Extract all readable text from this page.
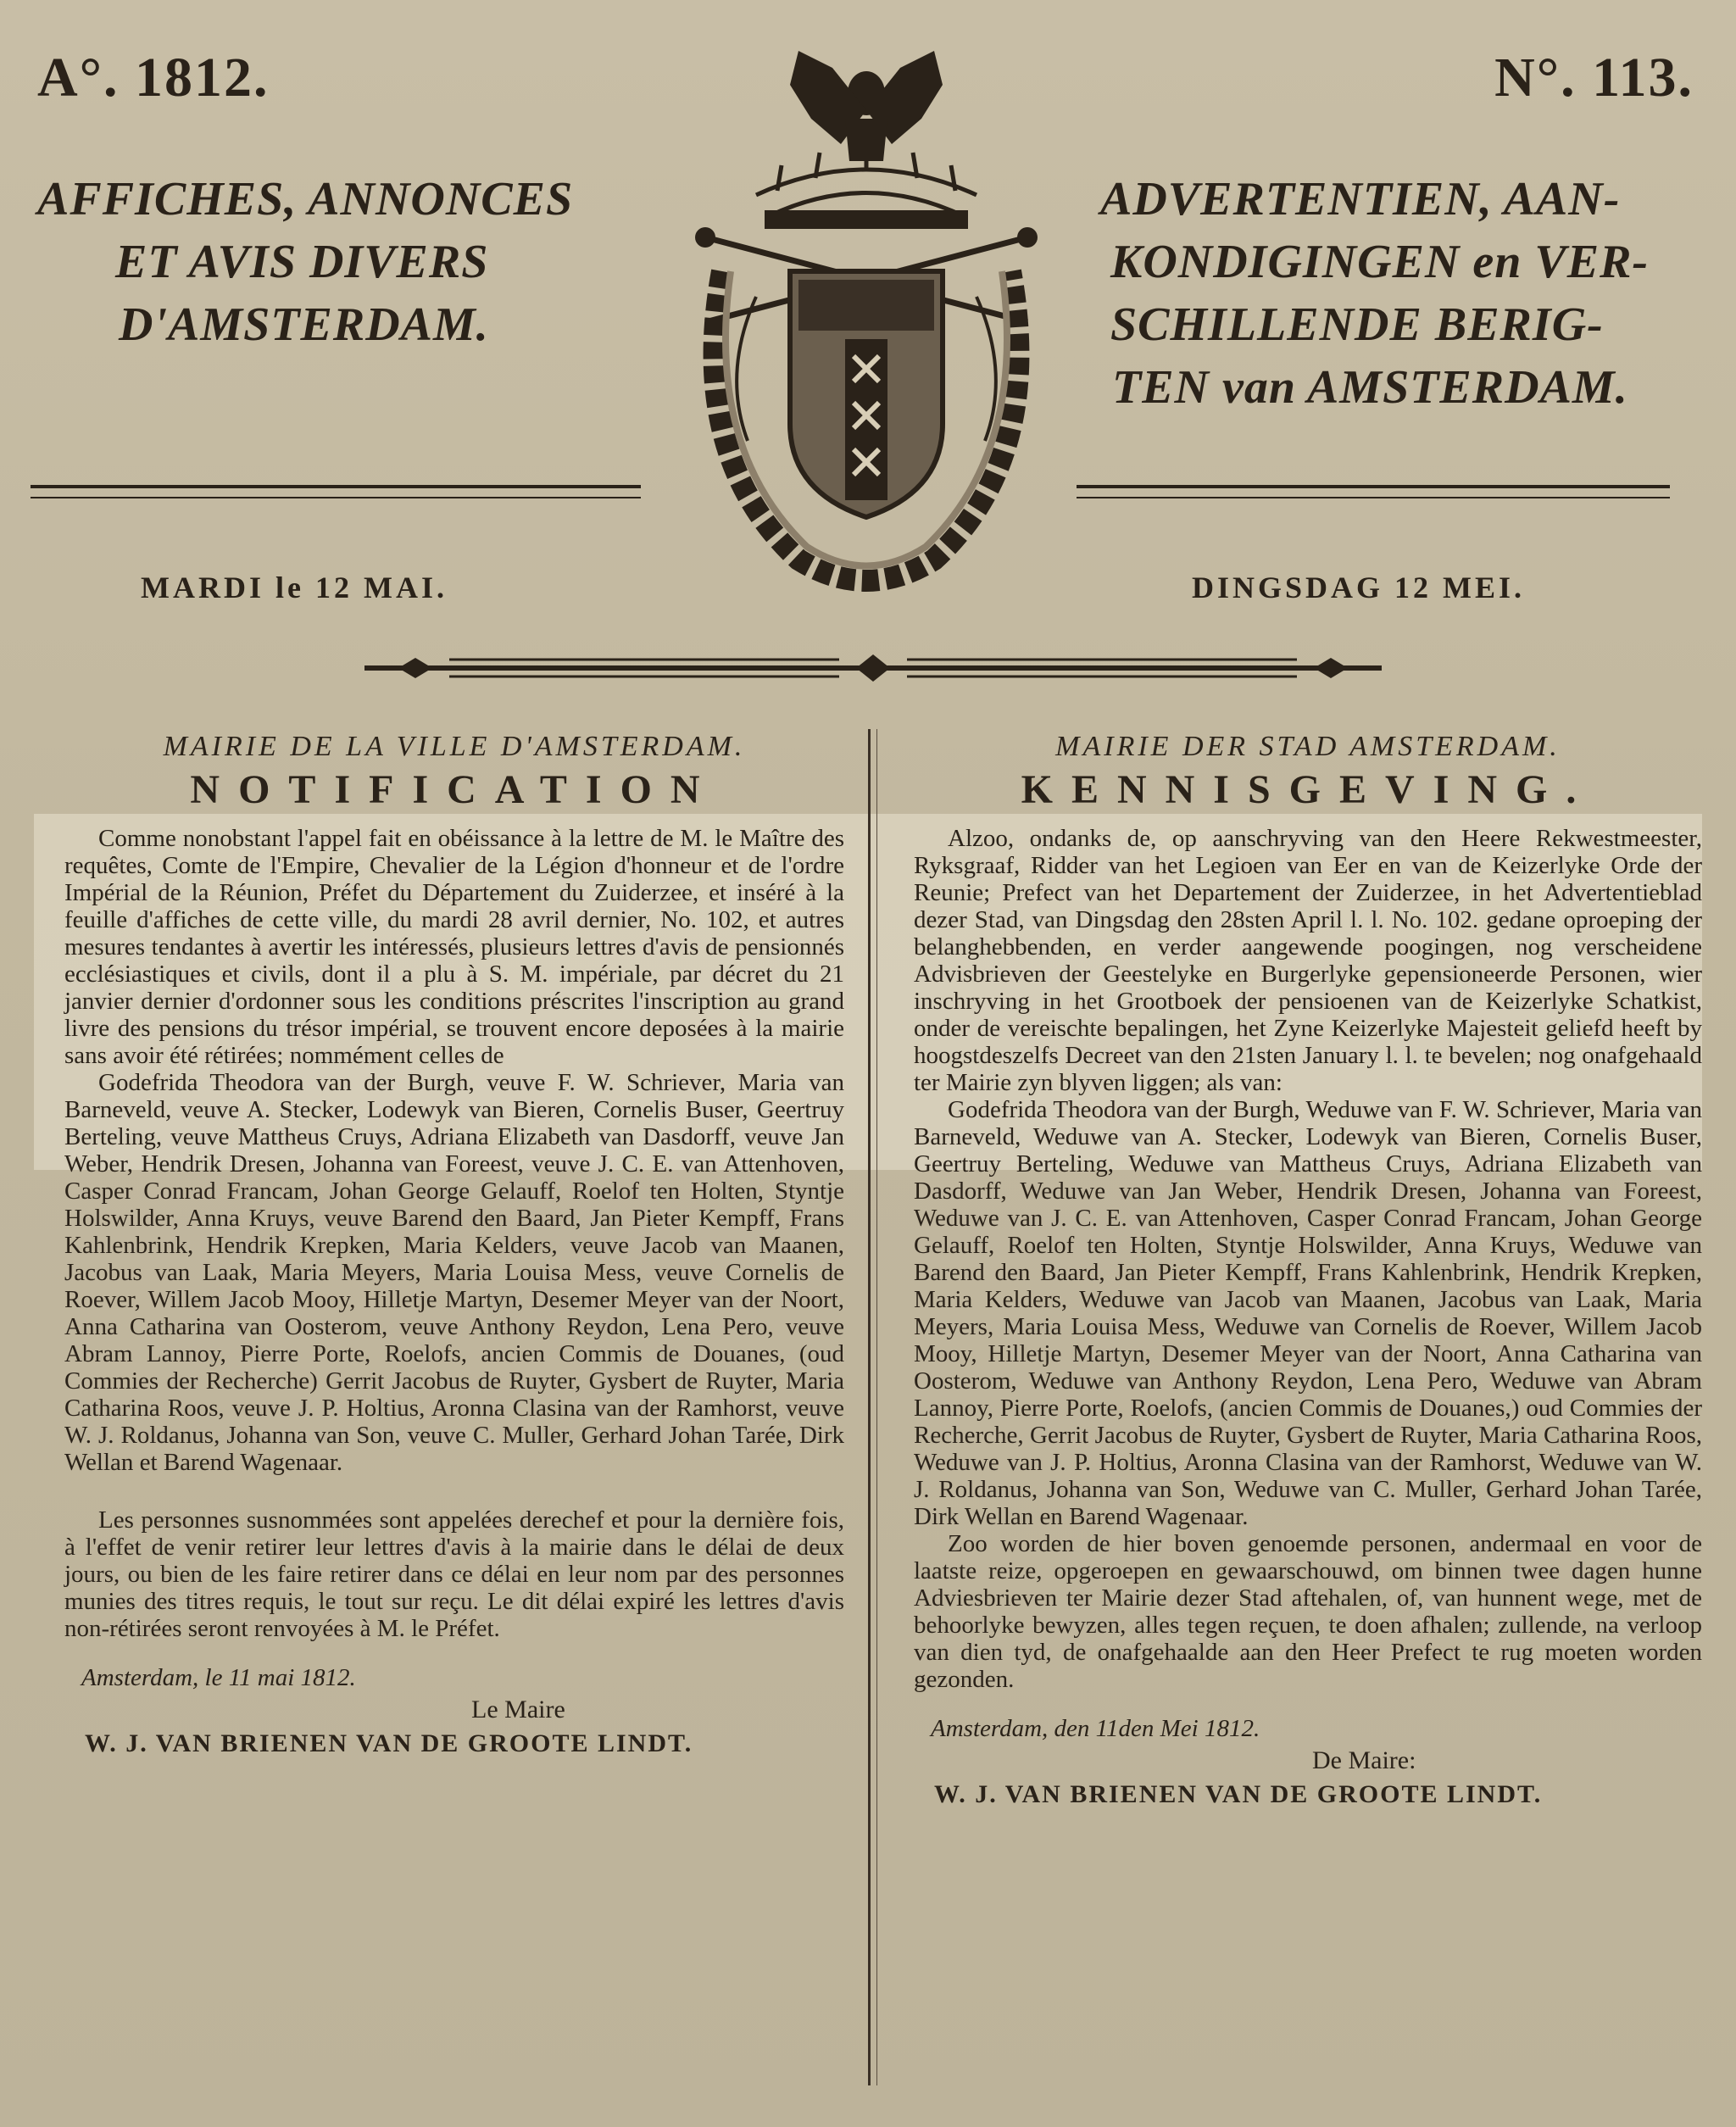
A°. 1812.	N°. 113.
AFFICHES, ANNONCES
ET AVIS DIVERS
D'AMSTERDAM.
ADVERTENTIEN, AAN-
KONDIGINGEN en VER-
SCHILLENDE BERIG-
TEN van AMSTERDAM.
MARDI le 12 MAI.	DINGSDAG 12 MEI.
MAIRIE DE LA VILLE D'AMSTERDAM.
NOTIFICATION

Comme nonobstant l'appel fait en obéissance à la lettre de M. le Maître des requêtes, Comte de l'Empire, Chevalier de la Légion d'honneur et de l'ordre Impérial de la Réunion, Préfet du Département du Zuiderzee, et inséré à la feuille d'affiches de cette ville, du mardi 28 avril dernier, No. 102, et autres mesures tendantes à avertir les intéressés, plusieurs lettres d'avis de pensionnés ecclésiastiques et civils, dont il a plu à S. M. impériale, par décret du 21 janvier dernier d'ordonner sous les conditions préscrites l'inscription au grand livre des pensions du trésor impérial, se trouvent encore deposées à la mairie sans avoir été rétirées; nommément celles de

Godefrida Theodora van der Burgh, veuve F. W. Schriever, Maria van Barneveld, veuve A. Stecker, Lodewyk van Bieren, Cornelis Buser, Geertruy Berteling, veuve Mattheus Cruys, Adriana Elizabeth van Dasdorff, veuve Jan Weber, Hendrik Dresen, Johanna van Foreest, veuve J. C. E. van Attenhoven, Casper Conrad Francam, Johan George Gelauff, Roelof ten Holten, Styntje Holswilder, Anna Kruys, veuve Barend den Baard, Jan Pieter Kempff, Frans Kahlenbrink, Hendrik Krepken, Maria Kelders, veuve Jacob van Maanen, Jacobus van Laak, Maria Meyers, Maria Louisa Mess, veuve Cornelis de Roever, Willem Jacob Mooy, Hilletje Martyn, Desemer Meyer van der Noort, Anna Catharina van Oosterom, veuve Anthony Reydon, Lena Pero, veuve Abram Lannoy, Pierre Porte, Roelofs, ancien Commis de Douanes, (oud Commies der Recherche) Gerrit Jacobus de Ruyter, Gysbert de Ruyter, Maria Catharina Roos, veuve J. P. Holtius, Aronna Clasina van der Ramhorst, veuve W. J. Roldanus, Johanna van Son, veuve C. Muller, Gerhard Johan Tarée, Dirk Wellan et Barend Wagenaar.

Les personnes susnommées sont appelées derechef et pour la dernière fois, à l'effet de venir retirer leur lettres d'avis à la mairie dans le délai de deux jours, ou bien de les faire retirer dans ce délai en leur nom par des personnes munies des titres requis, le tout sur reçu. Le dit délai expiré les lettres d'avis non-rétirées seront renvoyées à M. le Préfet.

Amsterdam, le 11 mai 1812.
Le Maire
W. J. VAN BRIENEN VAN DE GROOTE LINDT.
MAIRIE DER STAD AMSTERDAM.
KENNISGEVING.

Alzoo, ondanks de, op aanschryving van den Heere Rekwestmeester, Ryksgraaf, Ridder van het Legioen van Eer en van de Keizerlyke Orde der Reunie; Prefect van het Departement der Zuiderzee, in het Advertentieblad dezer Stad, van Dingsdag den 28sten April l. l. No. 102. gedane oproeping der belanghebbenden, en verder aangewende poogingen, nog verscheidene Advisbrieven der Geestelyke en Burgerlyke gepensioneerde Personen, wier inschryving in het Grootboek der pensioenen van de Keizerlyke Schatkist, onder de vereischte bepalingen, het Zyne Keizerlyke Majesteit geliefd heeft by hoogstdeszelfs Decreet van den 21sten January l. l. te bevelen; nog onafgehaald ter Mairie zyn blyven liggen; als van:

Godefrida Theodora van der Burgh, Weduwe van F. W. Schriever, Maria van Barneveld, Weduwe van A. Stecker, Lodewyk van Bieren, Cornelis Buser, Geertruy Berteling, Weduwe van Mattheus Cruys, Adriana Elizabeth van Dasdorff, Weduwe van Jan Weber, Hendrik Dresen, Johanna van Foreest, Weduwe van J. C. E. van Attenhoven, Casper Conrad Francam, Johan George Gelauff, Roelof ten Holten, Styntje Holswilder, Anna Kruys, Weduwe van Barend den Baard, Jan Pieter Kempff, Frans Kahlenbrink, Hendrik Krepken, Maria Kelders, Weduwe van Jacob van Maanen, Jacobus van Laak, Maria Meyers, Maria Louisa Mess, Weduwe van Cornelis de Roever, Willem Jacob Mooy, Hilletje Martyn, Desemer Meyer van der Noort, Anna Catharina van Oosterom, Weduwe van Anthony Reydon, Lena Pero, Weduwe van Abram Lannoy, Pierre Porte, Roelofs, (ancien Commis de Douanes,) oud Commies der Recherche, Gerrit Jacobus de Ruyter, Gysbert de Ruyter, Maria Catharina Roos, Weduwe van J. P. Holtius, Aronna Clasina van der Ramhorst, Weduwe van W. J. Roldanus, Johanna van Son, Weduwe van C. Muller, Gerhard Johan Tarée, Dirk Wellan en Barend Wagenaar.

Zoo worden de hier boven genoemde personen, andermaal en voor de laatste reize, opgeroepen en gewaarschouwd, om binnen twee dagen hunne Adviesbrieven ter Mairie dezer Stad aftehalen, of, van hunnent wege, met de behoorlyke bewyzen, alles tegen reçuen, te doen afhalen; zullende, na verloop van dien tyd, de onafgehaalde aan den Heer Prefect te rug moeten worden gezonden.

Amsterdam, den 11den Mei 1812.
De Maire:
W. J. VAN BRIENEN VAN DE GROOTE LINDT.
